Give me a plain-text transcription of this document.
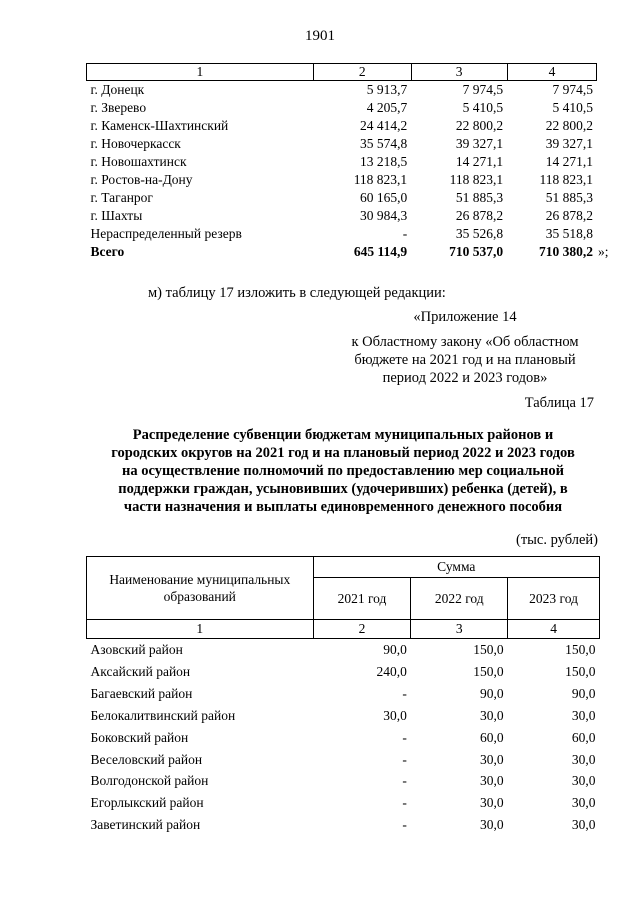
1901
1	2	3	4	
г. Донецк	5 913,7	7 974,5	7 974,5	
г. Зверево	4 205,7	5 410,5	5 410,5	
г. Каменск-Шахтинский	24 414,2	22 800,2	22 800,2	
г. Новочеркасск	35 574,8	39 327,1	39 327,1	
г. Новошахтинск	13 218,5	14 271,1	14 271,1	
г. Ростов-на-Дону	118 823,1	118 823,1	118 823,1	
г. Таганрог	60 165,0	51 885,3	51 885,3	
г. Шахты	30 984,3	26 878,2	26 878,2	
Нераспределенный резерв	-	35 526,8	35 518,8	
Всего	645 114,9	710 537,0	710 380,2	»;
м) таблицу 17 изложить в следующей редакции:
«Приложение 14
к Областному закону «Об областном
бюджете на 2021 год и на плановый
период 2022 и 2023 годов»
Таблица 17
Распределение субвенции бюджетам муниципальных районов и
городских округов на 2021 год и на плановый период 2022 и 2023 годов
на осуществление полномочий по предоставлению мер социальной
поддержки граждан, усыновивших (удочеривших) ребенка (детей), в
части назначения и выплаты единовременного денежного пособия
(тыс. рублей)
Наименование муниципальных образований	Сумма		
	2021 год	2022 год	2023 год
1	2	3	4
Азовский район	90,0	150,0	150,0
Аксайский район	240,0	150,0	150,0
Багаевский район	-	90,0	90,0
Белокалитвинский район	30,0	30,0	30,0
Боковский район	-	60,0	60,0
Веселовский район	-	30,0	30,0
Волгодонской район	-	30,0	30,0
Егорлыкский район	-	30,0	30,0
Заветинский район	-	30,0	30,0
